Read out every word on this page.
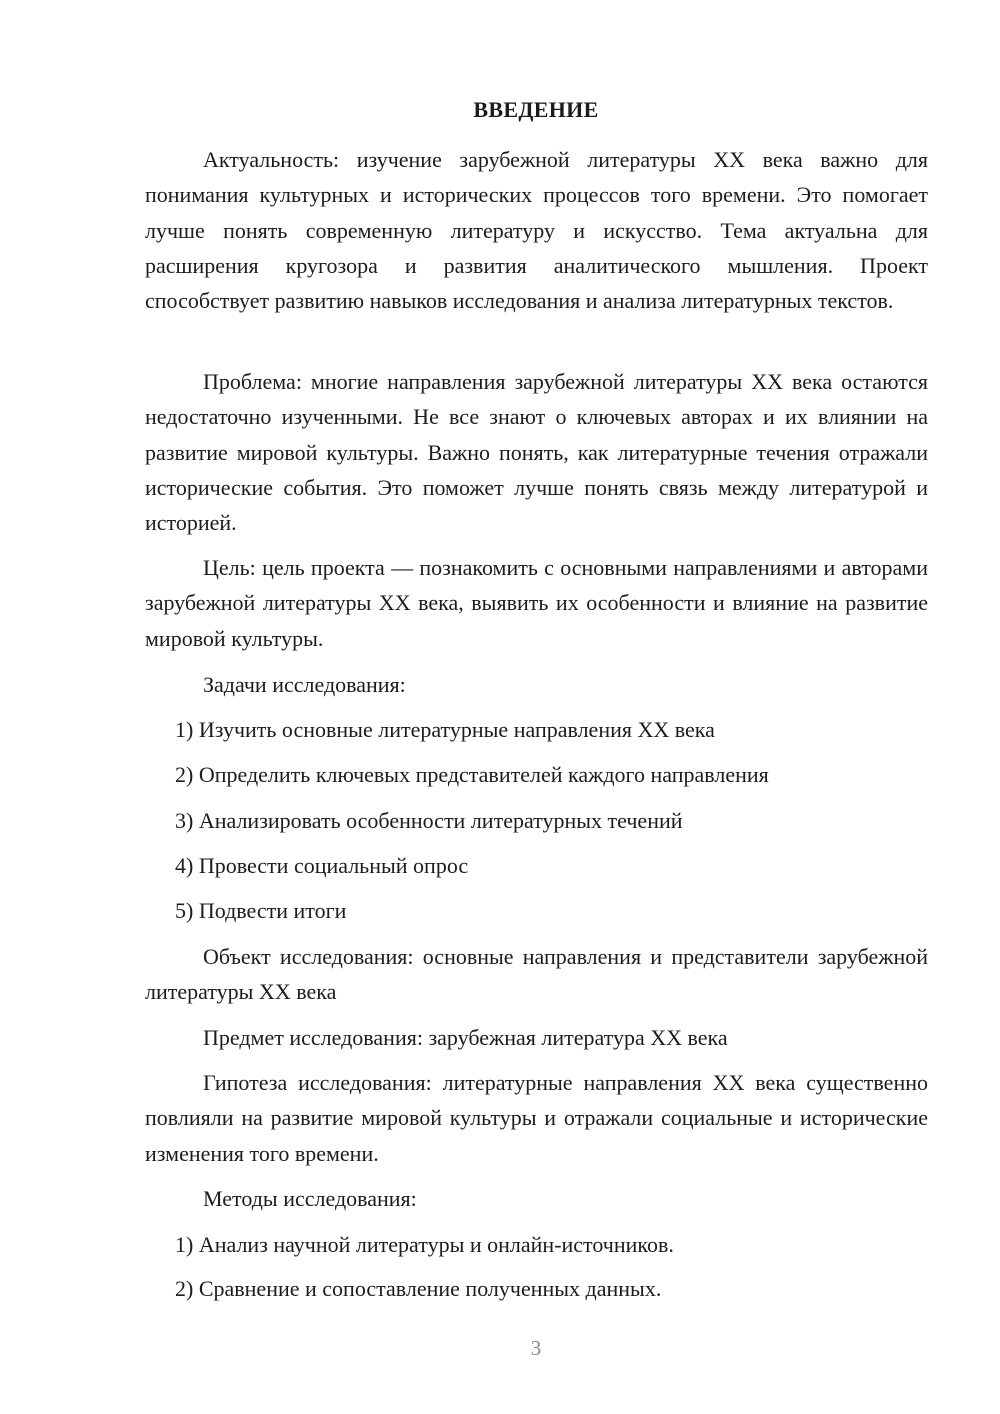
ВВЕДЕНИЕ

Актуальность: изучение зарубежной литературы XX века важно для понимания культурных и исторических процессов того времени. Это помогает лучше понять современную литературу и искусство. Тема актуальна для расширения кругозора и развития аналитического мышления. Проект способствует развитию навыков исследования и анализа литературных текстов.

Проблема: многие направления зарубежной литературы XX века остаются недостаточно изученными. Не все знают о ключевых авторах и их влиянии на развитие мировой культуры. Важно понять, как литературные течения отражали исторические события. Это поможет лучше понять связь между литературой и историей.

Цель: цель проекта — познакомить с основными направлениями и авторами зарубежной литературы XX века, выявить их особенности и влияние на развитие мировой культуры.

Задачи исследования:

1) Изучить основные литературные направления XX века

2) Определить ключевых представителей каждого направления

3) Анализировать особенности литературных течений

4) Провести социальный опрос

5) Подвести итоги

Объект исследования: основные направления и представители зарубежной литературы XX века

Предмет исследования: зарубежная литература XX века

Гипотеза исследования: литературные направления XX века существенно повлияли на развитие мировой культуры и отражали социальные и исторические изменения того времени.

Методы исследования:

1) Анализ научной литературы и онлайн-источников.

2) Сравнение и сопоставление полученных данных.

3
